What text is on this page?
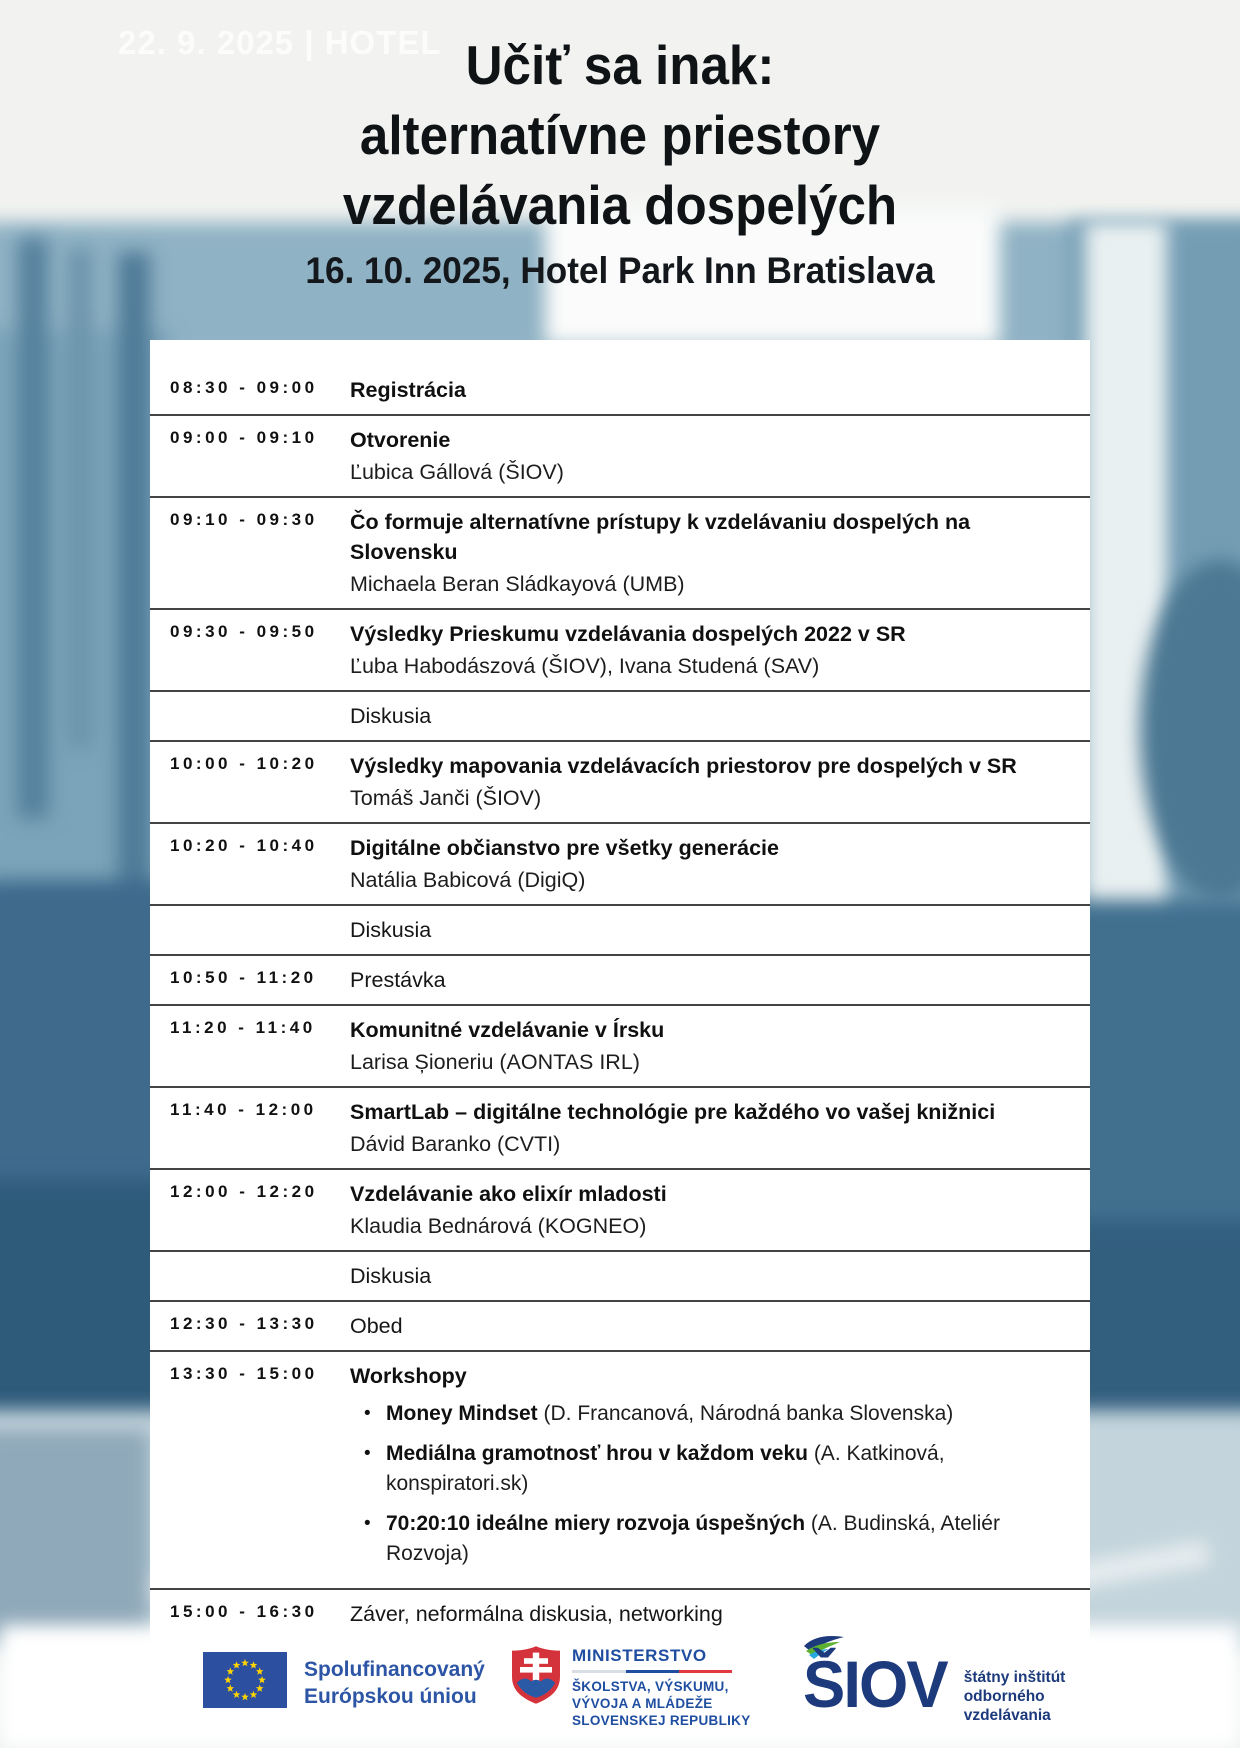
22. 9. 2025 | HOTEL Učiť sa inak:
alternatívne priestory
vzdelávania dospelých
16. 10. 2025, Hotel Park Inn Bratislava
08:30 - 09:00	Registrácia
09:00 - 09:10	Otvorenie
Ľubica Gállová (ŠIOV)
09:10 - 09:30	Čo formuje alternatívne prístupy k vzdelávaniu dospelých na Slovensku
Michaela Beran Sládkayová (UMB)
09:30 - 09:50	Výsledky Prieskumu vzdelávania dospelých 2022 v SR
Ľuba Habodászová (ŠIOV), Ivana Studená (SAV)
Diskusia
10:00 - 10:20	Výsledky mapovania vzdelávacích priestorov pre dospelých v SR
Tomáš Janči (ŠIOV)
10:20 - 10:40	Digitálne občianstvo pre všetky generácie
Natália Babicová (DigiQ)
Diskusia
10:50 - 11:20	Prestávka
11:20 - 11:40	Komunitné vzdelávanie v Írsku
Larisa Șioneriu (AONTAS IRL)
11:40 - 12:00	SmartLab – digitálne technológie pre každého vo vašej knižnici
Dávid Baranko (CVTI)
12:00 - 12:20	Vzdelávanie ako elixír mladosti
Klaudia Bednárová (KOGNEO)
Diskusia
12:30 - 13:30	Obed
13:30 - 15:00	Workshopy
• Money Mindset (D. Francanová, Národná banka Slovenska)
• Mediálna gramotnosť hrou v každom veku (A. Katkinová, konspiratori.sk)
• 70:20:10 ideálne miery rozvoja úspešných (A. Budinská, Ateliér Rozvoja)
15:00 - 16:30	Záver, neformálna diskusia, networking
Spolufinancovaný
Európskou úniou
MINISTERSTVO
ŠKOLSTVA, VÝSKUMU,
VÝVOJA A MLÁDEŽE
SLOVENSKEJ REPUBLIKY ŠIOV štátny inštitút
odborného
vzdelávania
